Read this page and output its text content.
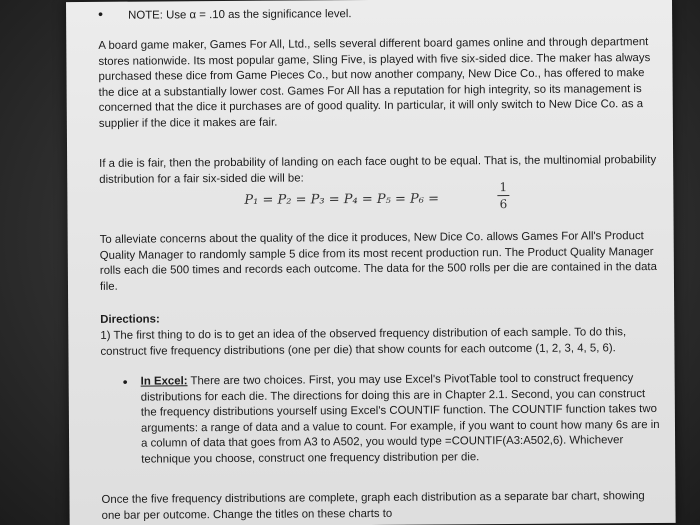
• NOTE: Use α = .10 as the significance level.

A board game maker, Games For All, Ltd., sells several different board games online and through department stores nationwide. Its most popular game, Sling Five, is played with five six-sided dice. The maker has always purchased these dice from Game Pieces Co., but now another company, New Dice Co., has offered to make the dice at a substantially lower cost. Games For All has a reputation for high integrity, so its management is concerned that the dice it purchases are of good quality. In particular, it will only switch to New Dice Co. as a supplier if the dice it makes are fair.

If a die is fair, then the probability of landing on each face ought to be equal. That is, the multinomial probability distribution for a fair six-sided die will be:

P₁ = P₂ = P₃ = P₄ = P₅ = P₆ =
1
6

To alleviate concerns about the quality of the dice it produces, New Dice Co. allows Games For All's Product Quality Manager to randomly sample 5 dice from its most recent production run. The Product Quality Manager rolls each die 500 times and records each outcome. The data for the 500 rolls per die are contained in the data file.

Directions:

1) The first thing to do is to get an idea of the observed frequency distribution of each sample. To do this, construct five frequency distributions (one per die) that show counts for each outcome (1, 2, 3, 4, 5, 6).

• In Excel: There are two choices. First, you may use Excel's PivotTable tool to construct frequency distributions for each die. The directions for doing this are in Chapter 2.1. Second, you can construct the frequency distributions yourself using Excel's COUNTIF function. The COUNTIF function takes two arguments: a range of data and a value to count. For example, if you want to count how many 6s are in a column of data that goes from A3 to A502, you would type =COUNTIF(A3:A502,6). Whichever technique you choose, construct one frequency distribution per die.

Once the five frequency distributions are complete, graph each distribution as a separate bar chart, showing one bar per outcome. Change the titles on these charts to
